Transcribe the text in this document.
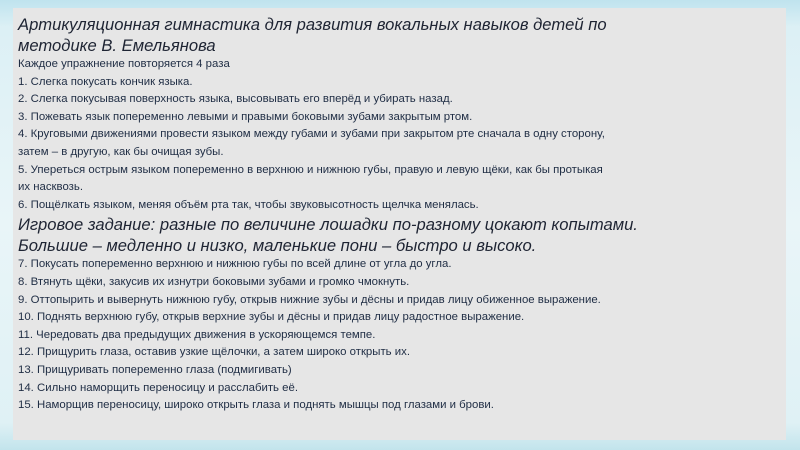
Артикуляционная гимнастика для развития вокальных навыков детей по
методике В. Емельянова

Каждое упражнение повторяется 4 раза

1. Слегка покусать кончик языка.

2. Слегка покусывая поверхность языка, высовывать его вперёд и убирать назад.

3. Пожевать язык попеременно левыми и правыми боковыми зубами закрытым ртом.

4. Круговыми движениями провести языком между губами и зубами при закрытом рте сначала в одну сторону,

затем – в другую, как бы очищая зубы.

5. Упереться острым языком попеременно в верхнюю и нижнюю губы, правую и левую щёки, как бы протыкая

их насквозь.

6. Пощёлкать языком, меняя объём рта так, чтобы звуковысотность щелчка менялась.

Игровое задание: разные по величине лошадки по-разному цокают копытами.
Большие – медленно и низко, маленькие пони – быстро и высоко.

7. Покусать попеременно верхнюю и нижнюю губы по всей длине от угла до угла.

8. Втянуть щёки, закусив их изнутри боковыми зубами и громко чмокнуть.

9. Оттопырить и вывернуть нижнюю губу, открыв нижние зубы и дёсны и придав лицу обиженное выражение.

10. Поднять верхнюю губу, открыв верхние зубы и дёсны и придав лицу радостное выражение.

11. Чередовать два предыдущих движения в ускоряющемся темпе.

12. Прищурить глаза, оставив узкие щёлочки, а затем широко открыть их.

13. Прищуривать попеременно глаза (подмигивать)

14. Сильно наморщить переносицу и расслабить её.

15. Наморщив переносицу, широко открыть глаза и поднять мышцы под глазами и брови.
